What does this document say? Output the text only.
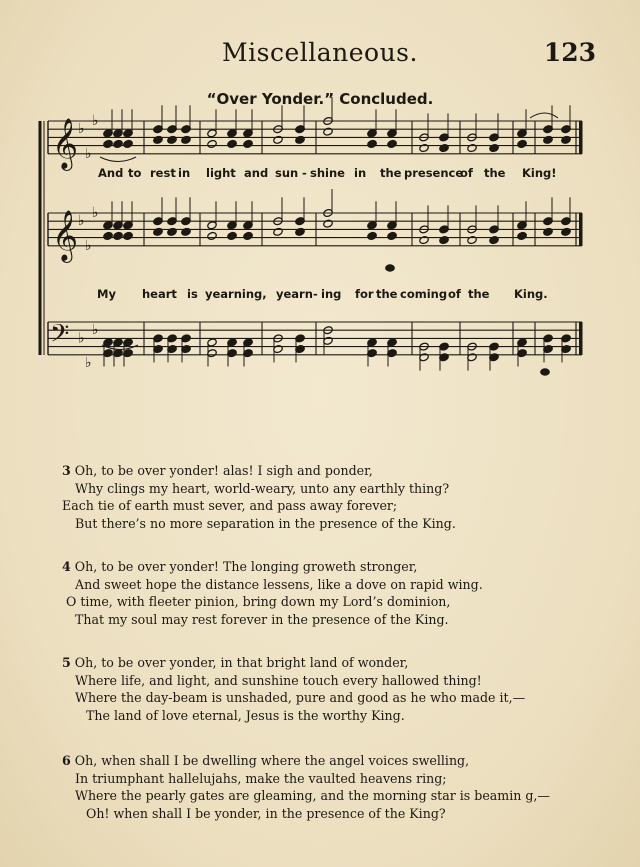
Miscellaneous.	123
“Over Yonder.” Concluded.
𝄞 ♭
♭
♭
𝄞 ♭
♭
♭
𝄢 ♭
♭
♭
And to rest in light and sun - shine in the presence
of the King!
My heart is yearning, yearn - ing for the coming of the King.
3 Oh, to be over yonder! alas! I sigh and ponder,
Why clings my heart, world-weary, unto any earthly thing?
Each tie of earth must sever, and pass away forever;
But there’s no more separation in the presence of the King.
4 Oh, to be over yonder! The longing groweth stronger,
And sweet hope the distance lessens, like a dove on rapid wing.
O time, with fleeter pinion, bring down my Lord’s dominion,
That my soul may rest forever in the presence of the King.
5 Oh, to be over yonder, in that bright land of wonder,
Where life, and light, and sunshine touch every hallowed thing!
Where the day-beam is unshaded, pure and good as he who made it,—
The land of love eternal, Jesus is the worthy King.
6 Oh, when shall I be dwelling where the angel voices swelling,
In triumphant hallelujahs, make the vaulted heavens ring;
Where the pearly gates are gleaming, and the morning star is beamin g,—
Oh! when shall I be yonder, in the presence of the King?
